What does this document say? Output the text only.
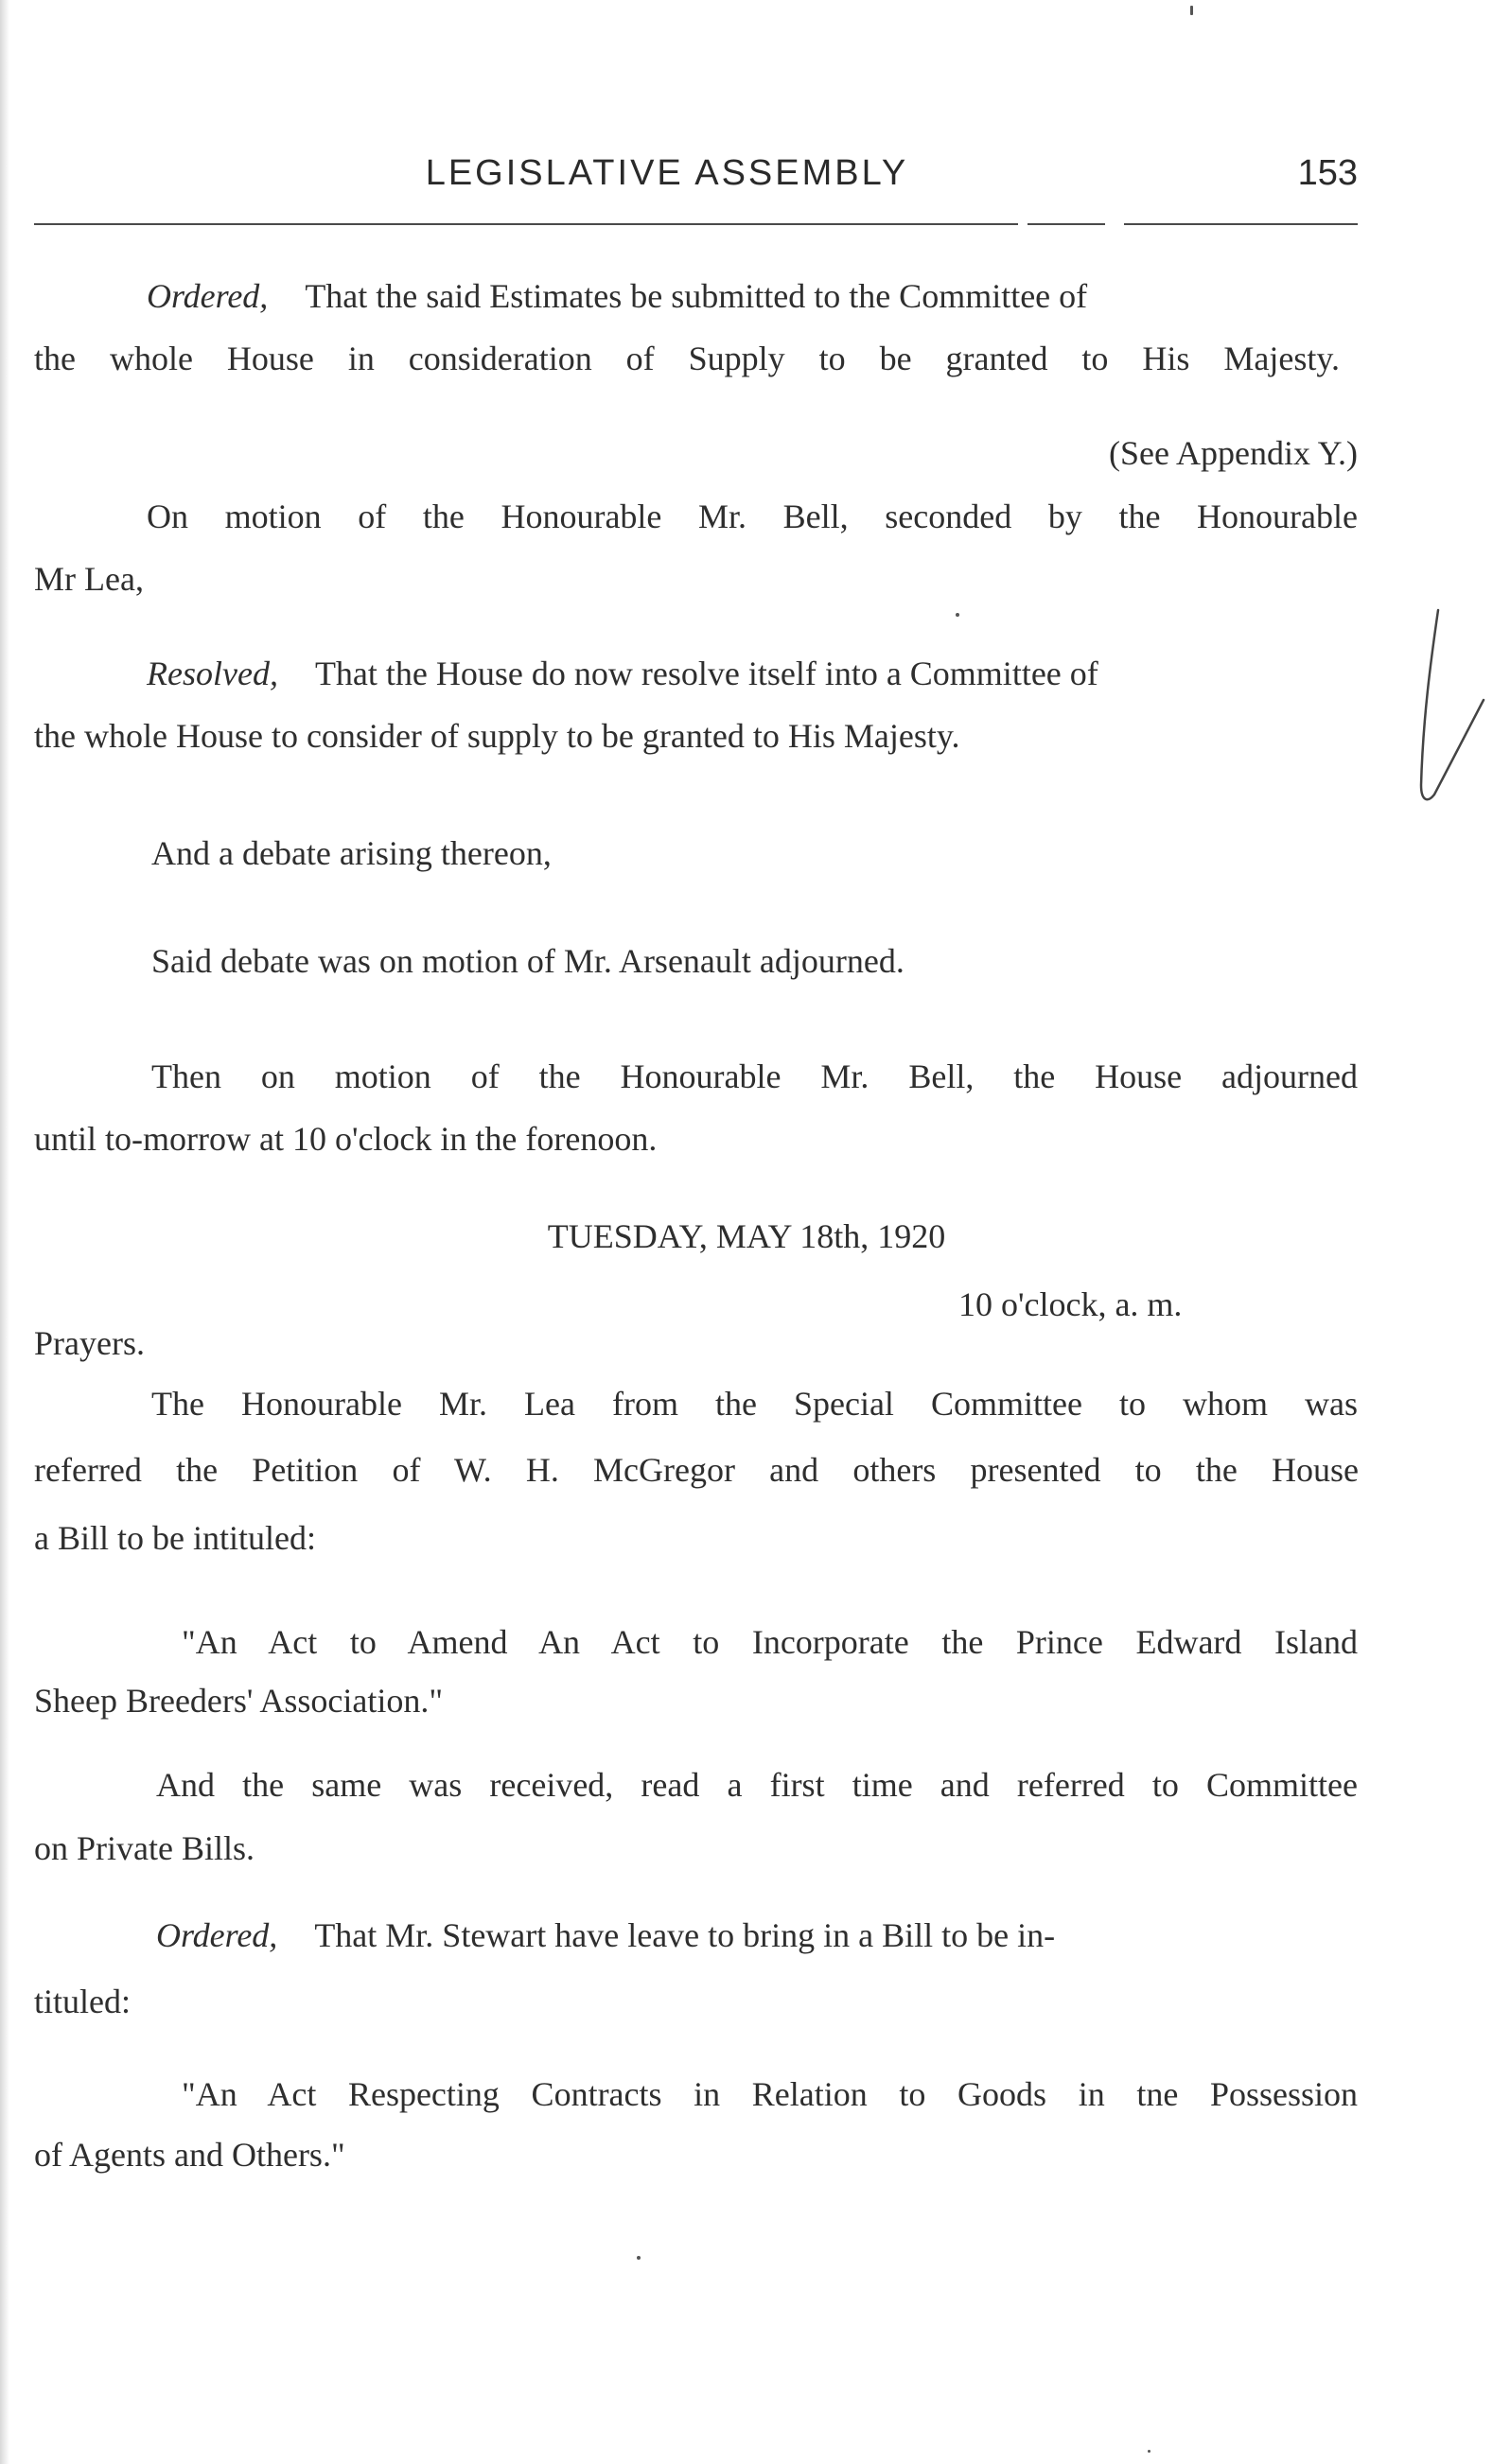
LEGISLATIVE ASSEMBLY	153
Ordered, That the said Estimates be submitted to the Committee of
the whole House in consideration of Supply to be granted to His Majesty.
(See Appendix Y.)
On motion of the Honourable Mr. Bell, seconded by the Honourable
Mr Lea,
Resolved, That the House do now resolve itself into a Committee of
the whole House to consider of supply to be granted to His Majesty.
And a debate arising thereon,
Said debate was on motion of Mr. Arsenault adjourned.
Then on motion of the Honourable Mr. Bell, the House adjourned
until to-morrow at 10 o'clock in the forenoon.
TUESDAY, MAY 18th, 1920
10 o'clock, a. m.
Prayers.
The Honourable Mr. Lea from the Special Committee to whom was
referred the Petition of W. H. McGregor and others presented to the House
a Bill to be intituled:
"An Act to Amend An Act to Incorporate the Prince Edward Island
Sheep Breeders' Association."
And the same was received, read a first time and referred to Committee
on Private Bills.
Ordered, That Mr. Stewart have leave to bring in a Bill to be in-
tituled:
"An Act Respecting Contracts in Relation to Goods in tne Possession
of Agents and Others."
